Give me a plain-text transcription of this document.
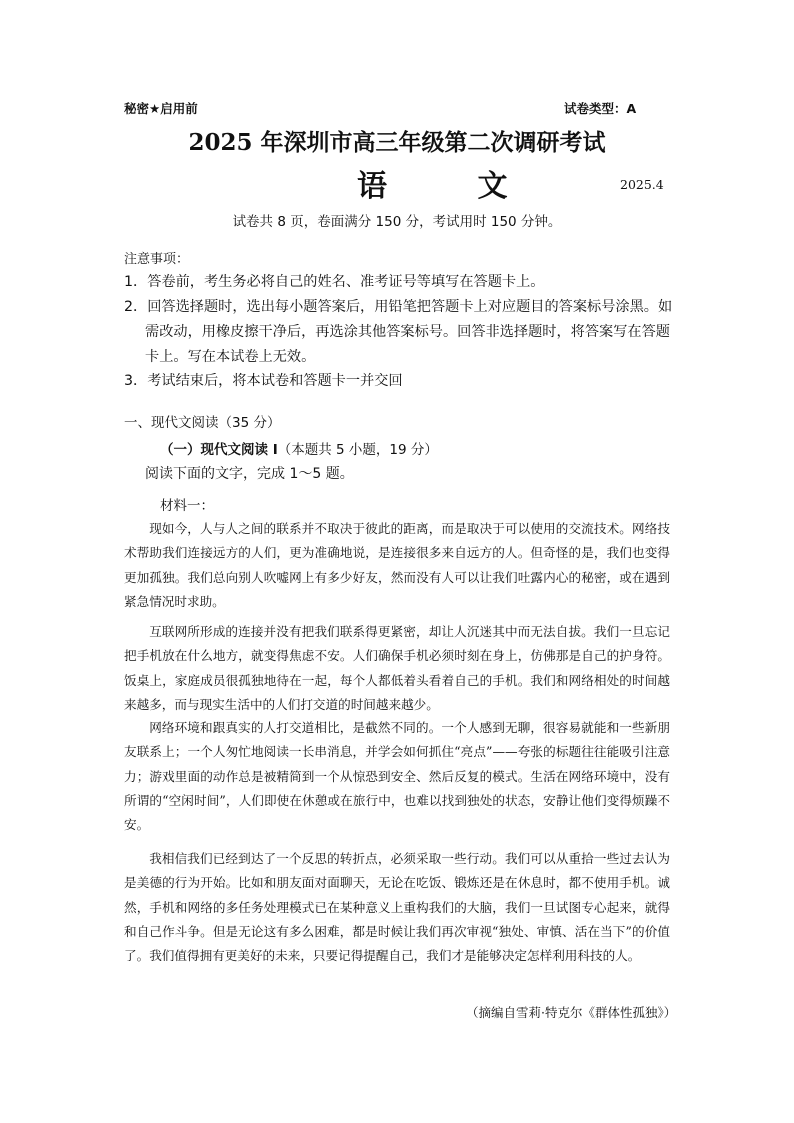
秘密★启用前	试卷类型：A
2025 年深圳市高三年级第二次调研考试
语 文	2025.4
试卷共 8 页，卷面满分 150 分，考试用时 150 分钟。
注意事项：
1．答卷前，考生务必将自己的姓名、准考证号等填写在答题卡上。
2．回答选择题时，选出每小题答案后，用铅笔把答题卡上对应题目的答案标号涂黑。如
需改动，用橡皮擦干净后，再选涂其他答案标号。回答非选择题时，将答案写在答题
卡上。写在本试卷上无效。
3．考试结束后，将本试卷和答题卡一并交回
一、现代文阅读（35 分）
（一）现代文阅读 I（本题共 5 小题，19 分）
阅读下面的文字，完成 1～5 题。
材料一：
现如今，人与人之间的联系并不取决于彼此的距离，而是取决于可以使用的交流技术。网络技术帮助我们连接远方的人们，更为准确地说，是连接很多来自远方的人。但奇怪的是，我们也变得更加孤独。我们总向别人吹嘘网上有多少好友，然而没有人可以让我们吐露内心的秘密，或在遇到紧急情况时求助。
互联网所形成的连接并没有把我们联系得更紧密，却让人沉迷其中而无法自拔。我们一旦忘记把手机放在什么地方，就变得焦虑不安。人们确保手机必须时刻在身上，仿佛那是自己的护身符。饭桌上，家庭成员很孤独地待在一起，每个人都低着头看着自己的手机。我们和网络相处的时间越来越多，而与现实生活中的人们打交道的时间越来越少。
网络环境和跟真实的人打交道相比，是截然不同的。一个人感到无聊，很容易就能和一些新朋友联系上；一个人匆忙地阅读一长串消息，并学会如何抓住“亮点”——夸张的标题往往能吸引注意力；游戏里面的动作总是被精简到一个从惊恐到安全、然后反复的模式。生活在网络环境中，没有所谓的“空闲时间”，人们即使在休憩或在旅行中，也难以找到独处的状态，安静让他们变得烦躁不安。
我相信我们已经到达了一个反思的转折点，必须采取一些行动。我们可以从重拾一些过去认为是美德的行为开始。比如和朋友面对面聊天，无论在吃饭、锻炼还是在休息时，都不使用手机。诚然，手机和网络的多任务处理模式已在某种意义上重构我们的大脑，我们一旦试图专心起来，就得和自己作斗争。但是无论这有多么困难，都是时候让我们再次审视“独处、审慎、活在当下”的价值了。我们值得拥有更美好的未来，只要记得提醒自己，我们才是能够决定怎样利用科技的人。
（摘编自雪莉·特克尔《群体性孤独》）
